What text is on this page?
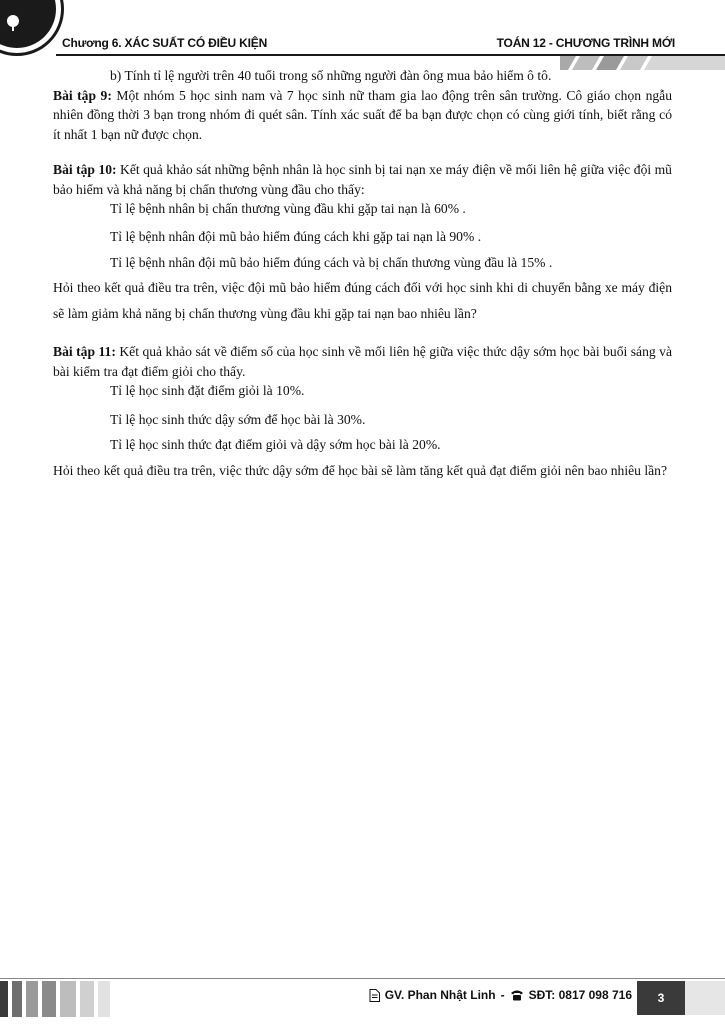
Chương 6. XÁC SUẤT CÓ ĐIỀU KIỆN	TOÁN 12 - CHƯƠNG TRÌNH MỚI

b) Tính tỉ lệ người trên 40 tuổi trong số những người đàn ông mua bảo hiểm ô tô.

Bài tập 9: Một nhóm 5 học sinh nam và 7 học sinh nữ tham gia lao động trên sân trường. Cô giáo chọn ngẫu nhiên đồng thời 3 bạn trong nhóm đi quét sân. Tính xác suất để ba bạn được chọn có cùng giới tính, biết rằng có ít nhất 1 bạn nữ được chọn.

Bài tập 10: Kết quả khảo sát những bệnh nhân là học sinh bị tai nạn xe máy điện về mối liên hệ giữa việc đội mũ bảo hiểm và khả năng bị chấn thương vùng đầu cho thấy:

Tỉ lệ bệnh nhân bị chấn thương vùng đầu khi gặp tai nạn là 60% .

Tỉ lệ bệnh nhân đội mũ bảo hiểm đúng cách khi gặp tai nạn là 90% .

Tỉ lệ bệnh nhân đội mũ bảo hiểm đúng cách và bị chấn thương vùng đầu là 15% .

Hỏi theo kết quả điều tra trên, việc đội mũ bảo hiểm đúng cách đối với học sinh khi di chuyển bằng xe máy điện sẽ làm giảm khả năng bị chấn thương vùng đầu khi gặp tai nạn bao nhiêu lần?

Bài tập 11: Kết quả khảo sát về điểm số của học sinh về mối liên hệ giữa việc thức dậy sớm học bài buổi sáng và bài kiểm tra đạt điểm giỏi cho thấy.

Tỉ lệ học sinh đặt điểm giỏi là 10%.

Tỉ lệ học sinh thức dậy sớm để học bài là 30%.

Tỉ lệ học sinh thức đạt điểm giỏi và dậy sớm học bài là 20%.

Hỏi theo kết quả điều tra trên, việc thức dậy sớm để học bài sẽ làm tăng kết quả đạt điểm giỏi nên bao nhiêu lần?

GV. Phan Nhật Linh - SĐT: 0817 098 716	3
